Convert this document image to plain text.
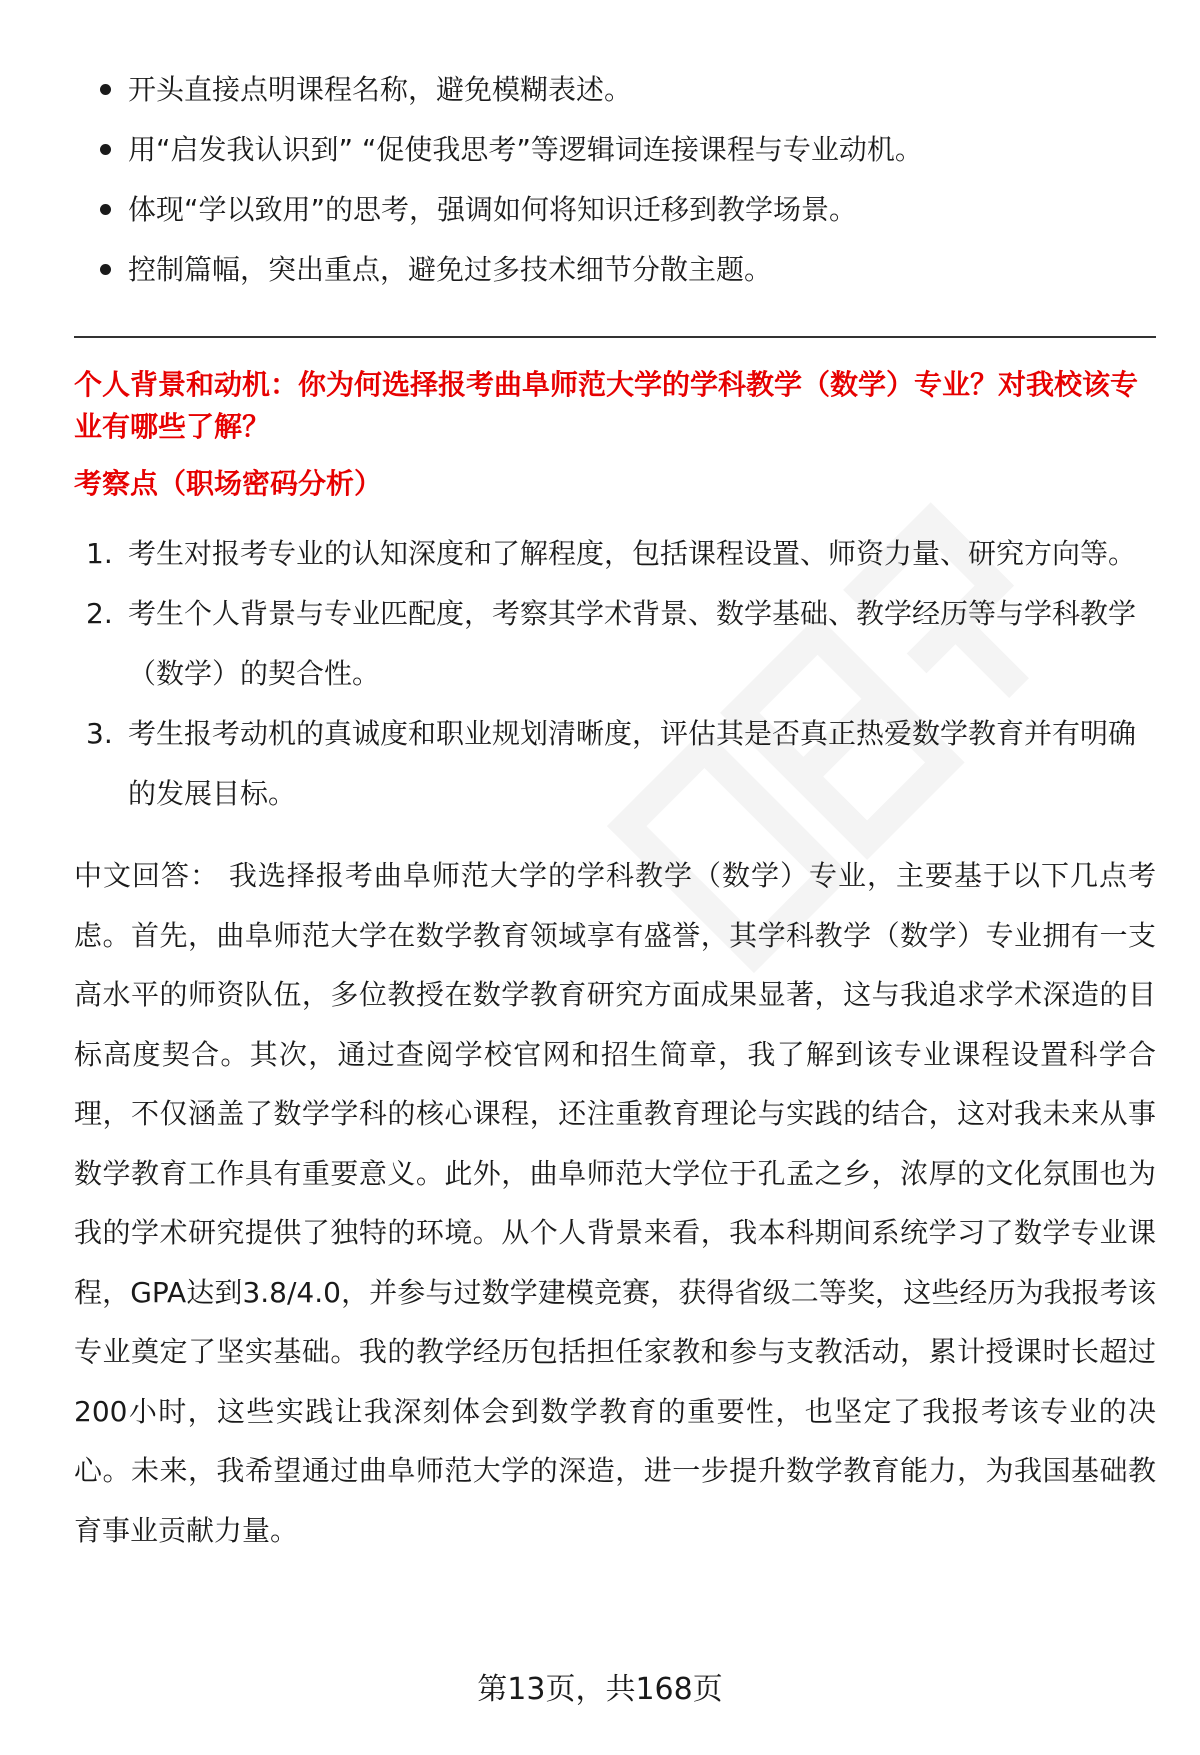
开头直接点明课程名称，避免模糊表述。
用“启发我认识到” “促使我思考”等逻辑词连接课程与专业动机。
体现“学以致用”的思考，强调如何将知识迁移到教学场景。
控制篇幅，突出重点，避免过多技术细节分散主题。
个人背景和动机：你为何选择报考曲阜师范大学的学科教学（数学）专业？对我校该专业有哪些了解？
考察点（职场密码分析）
1. 考生对报考专业的认知深度和了解程度，包括课程设置、师资力量、研究方向等。
2. 考生个人背景与专业匹配度，考察其学术背景、数学基础、教学经历等与学科教学（数学）的契合性。
3. 考生报考动机的真诚度和职业规划清晰度，评估其是否真正热爱数学教育并有明确的发展目标。

中文回答： 我选择报考曲阜师范大学的学科教学（数学）专业，主要基于以下几点考虑。首先，曲阜师范大学在数学教育领域享有盛誉，其学科教学（数学）专业拥有一支高水平的师资队伍，多位教授在数学教育研究方面成果显著，这与我追求学术深造的目标高度契合。其次，通过查阅学校官网和招生简章，我了解到该专业课程设置科学合理，不仅涵盖了数学学科的核心课程，还注重教育理论与实践的结合，这对我未来从事数学教育工作具有重要意义。此外，曲阜师范大学位于孔孟之乡，浓厚的文化氛围也为我的学术研究提供了独特的环境。从个人背景来看，我本科期间系统学习了数学专业课程，GPA达到3.8/4.0，并参与过数学建模竞赛，获得省级二等奖，这些经历为我报考该专业奠定了坚实基础。我的教学经历包括担任家教和参与支教活动，累计授课时长超过200小时，这些实践让我深刻体会到数学教育的重要性，也坚定了我报考该专业的决心。未来，我希望通过曲阜师范大学的深造，进一步提升数学教育能力，为我国基础教育事业贡献力量。

第13页，共168页
